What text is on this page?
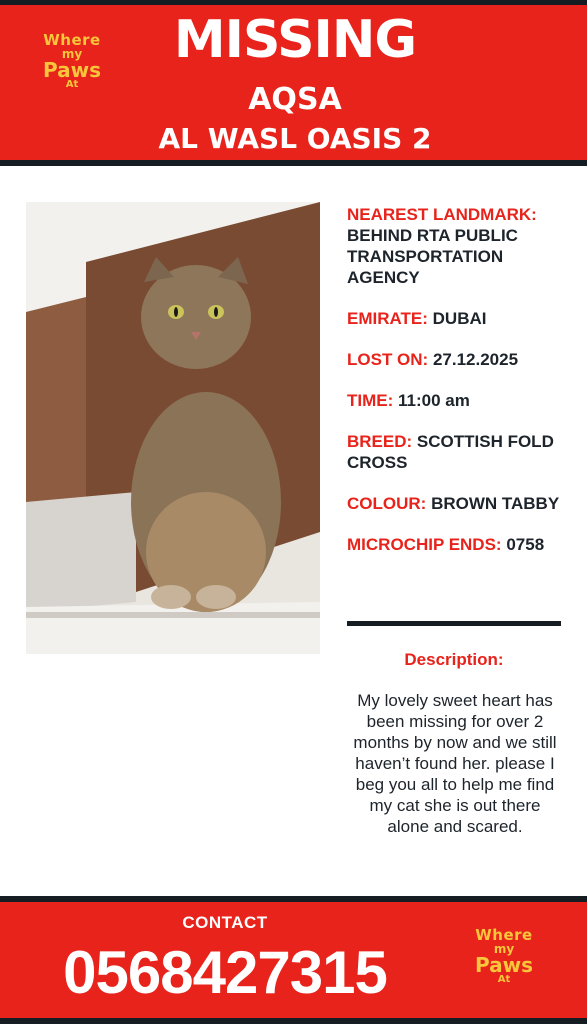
Where
my
Paws
At
MISSING
AQSA
AL WASL OASIS 2
NEAREST LANDMARK: BEHIND RTA PUBLIC TRANSPORTATION AGENCY
EMIRATE: DUBAI
LOST ON: 27.12.2025
TIME: 11:00 am
BREED: SCOTTISH FOLD CROSS
COLOUR: BROWN TABBY
MICROCHIP ENDS: 0758
Description:
My lovely sweet heart has been missing for over 2 months by now and we still haven’t found her. please I beg you all to help me find my cat she is out there alone and scared.
CONTACT
0568427315
Where
my
Paws
At
